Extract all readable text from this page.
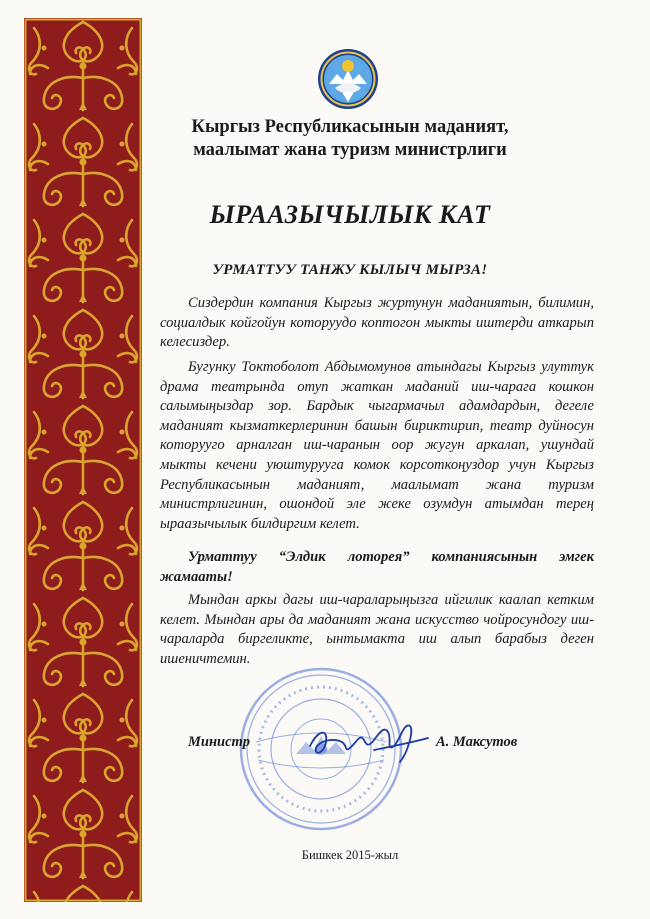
Кыргыз Республикасынын маданият,
маалымат жана туризм министрлиги
ЫРААЗЫЧЫЛЫК КАТ
УРМАТТУУ ТАНЖУ КЫЛЫЧ МЫРЗА!
Сиздердин компания Кыргыз журтунун маданиятын, билимин, социалдык койгойун котоpуудо коптогон мыкты иштерди аткарып келесиздер.
Бугунку Токтоболот Абдымомунов атындагы Кыргыз улуттук драма театрында отуп жаткан маданий иш-чарага кошкон салымыңыздар зор. Бардык чыгармачыл адамдардын, дегеле маданият кызматкерлеринин башын бириктирип, театр дуйносун котоpууго арналган иш-чаранын оор жугун аркалап, ушундай мыкты кечени уюштурууга комок корсоткоңуздор учун Кыргыз Республикасынын маданият, маалымат жана туризм министрлигинин, ошондой эле жеке озумдун атымдан терең ыраазычылык билдиргим келет.
Урматтуу “Элдик лоторея” компаниясынын эмгек жамааты!
Мындан аркы дагы иш-чараларыңызга ийгилик каалап кетким келет. Мындан ары да маданият жана искусство чойросундогу иш-чараларда биргеликте, ынтымакта иш алып барабыз деген ишеничтемин.
Министр	А. Максутов
Бишкек 2015-жыл
